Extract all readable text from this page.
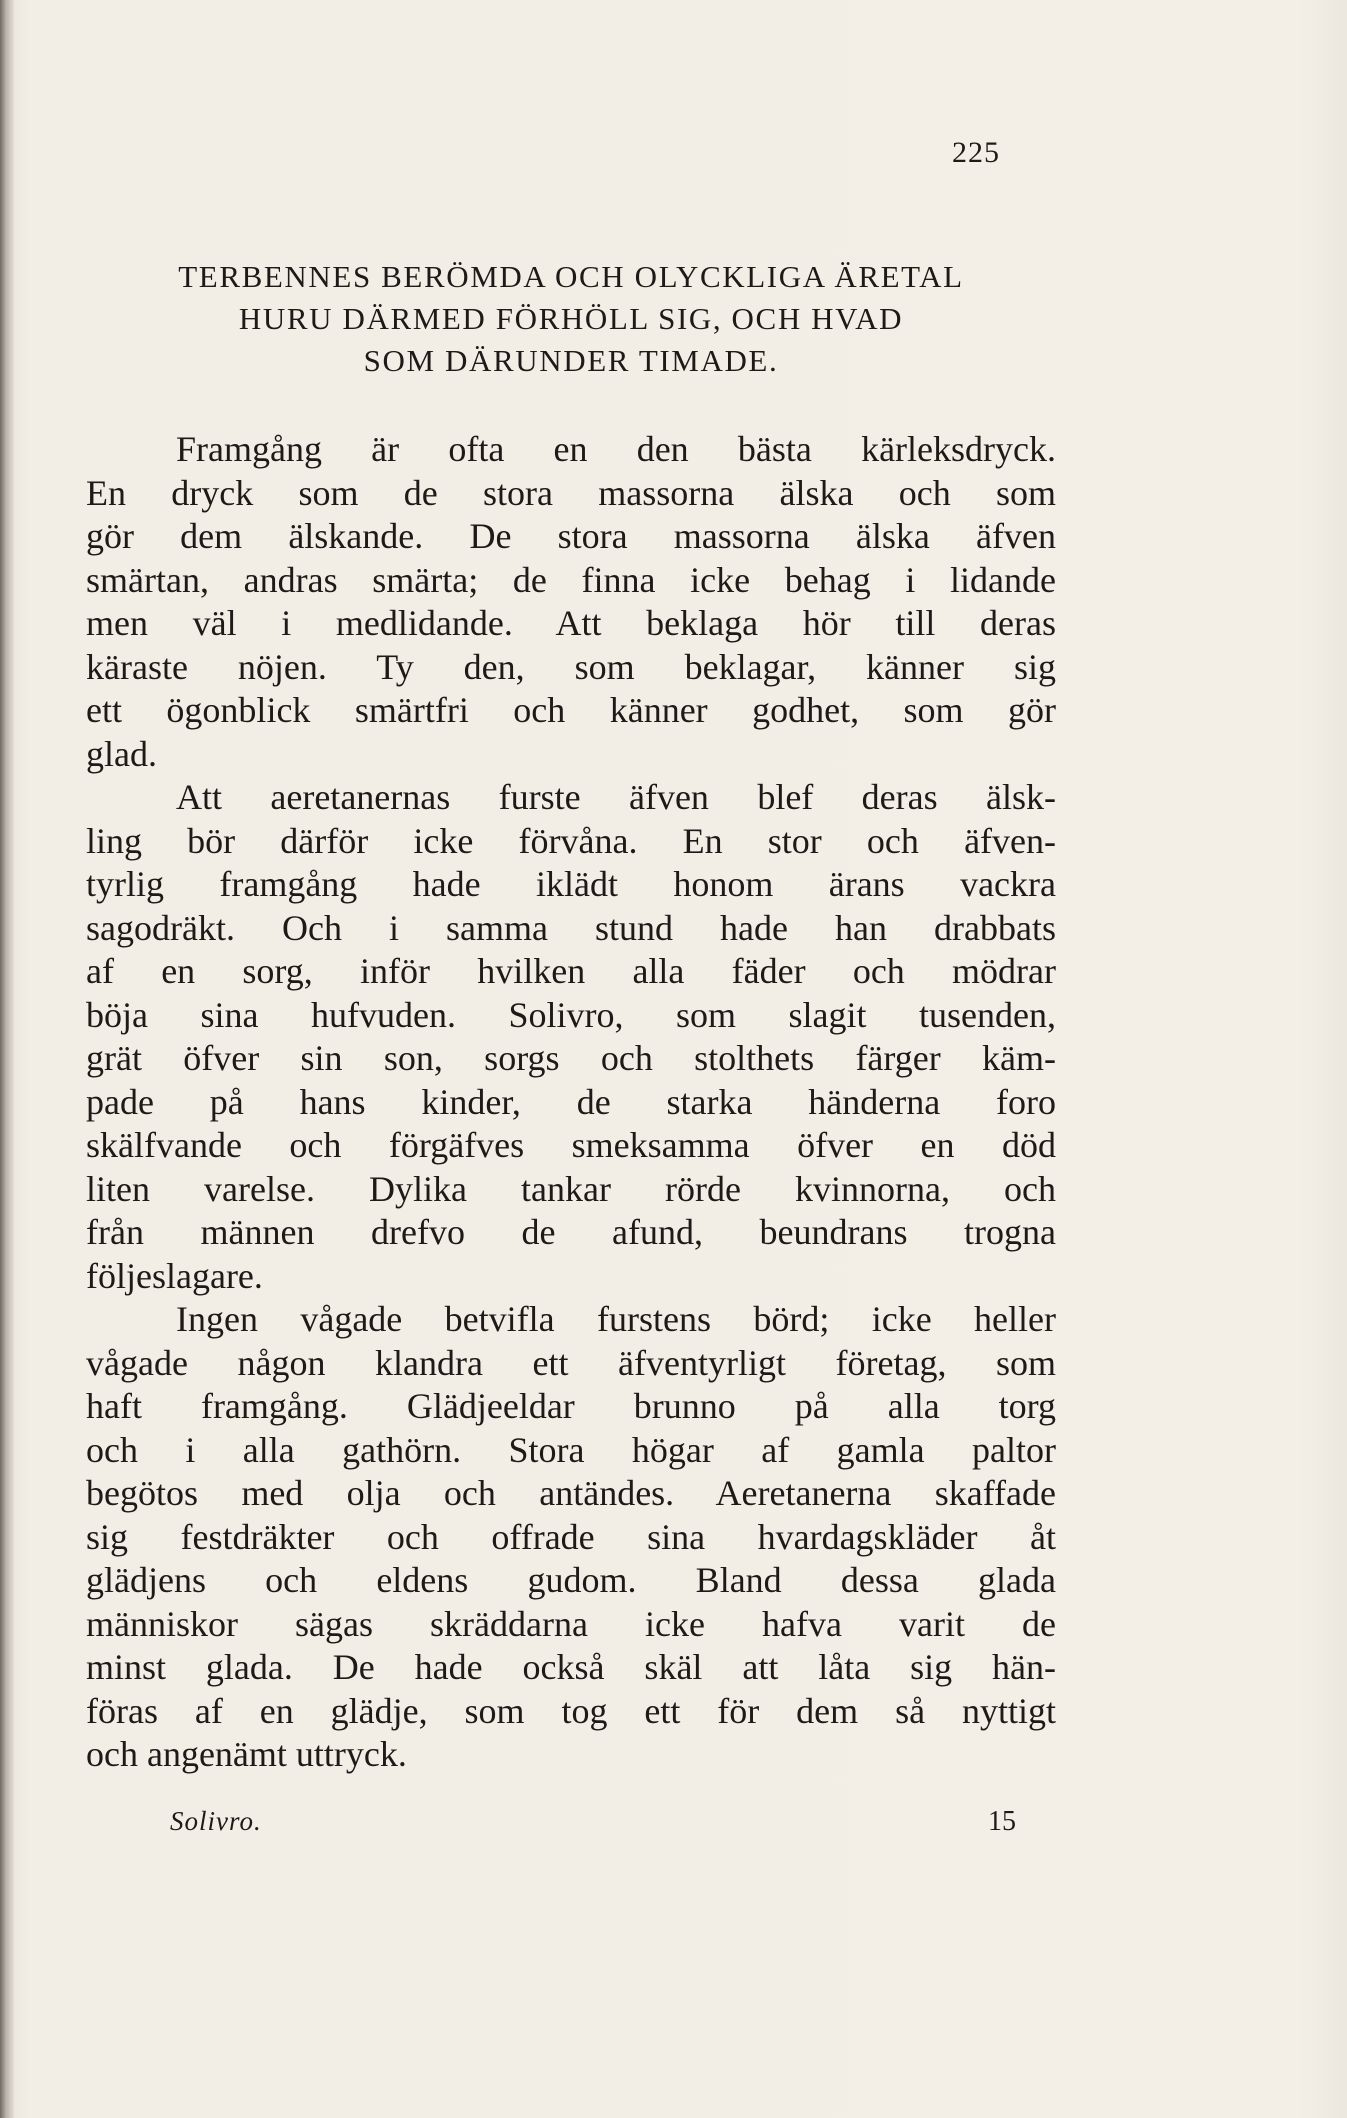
225
TERBENNES BERÖMDA OCH OLYCKLIGA ÄRETAL
HURU DÄRMED FÖRHÖLL SIG, OCH HVAD
SOM DÄRUNDER TIMADE.
Framgång är ofta en den bästa kärleksdryck.
En dryck som de stora massorna älska och som
gör dem älskande. De stora massorna älska äfven
smärtan, andras smärta; de finna icke behag i lidande
men väl i medlidande. Att beklaga hör till deras
käraste nöjen. Ty den, som beklagar, känner sig
ett ögonblick smärtfri och känner godhet, som gör
glad.
Att aeretanernas furste äfven blef deras älsk-
ling bör därför icke förvåna. En stor och äfven-
tyrlig framgång hade iklädt honom ärans vackra
sagodräkt. Och i samma stund hade han drabbats
af en sorg, inför hvilken alla fäder och mödrar
böja sina hufvuden. Solivro, som slagit tusenden,
grät öfver sin son, sorgs och stolthets färger käm-
pade på hans kinder, de starka händerna foro
skälfvande och förgäfves smeksamma öfver en död
liten varelse. Dylika tankar rörde kvinnorna, och
från männen drefvo de afund, beundrans trogna
följeslagare.
Ingen vågade betvifla furstens börd; icke heller
vågade någon klandra ett äfventyrligt företag, som
haft framgång. Glädjeeldar brunno på alla torg
och i alla gathörn. Stora högar af gamla paltor
begötos med olja och antändes. Aeretanerna skaffade
sig festdräkter och offrade sina hvardagskläder åt
glädjens och eldens gudom. Bland dessa glada
människor sägas skräddarna icke hafva varit de
minst glada. De hade också skäl att låta sig hän-
föras af en glädje, som tog ett för dem så nyttigt
och angenämt uttryck.
Solivro.	15
